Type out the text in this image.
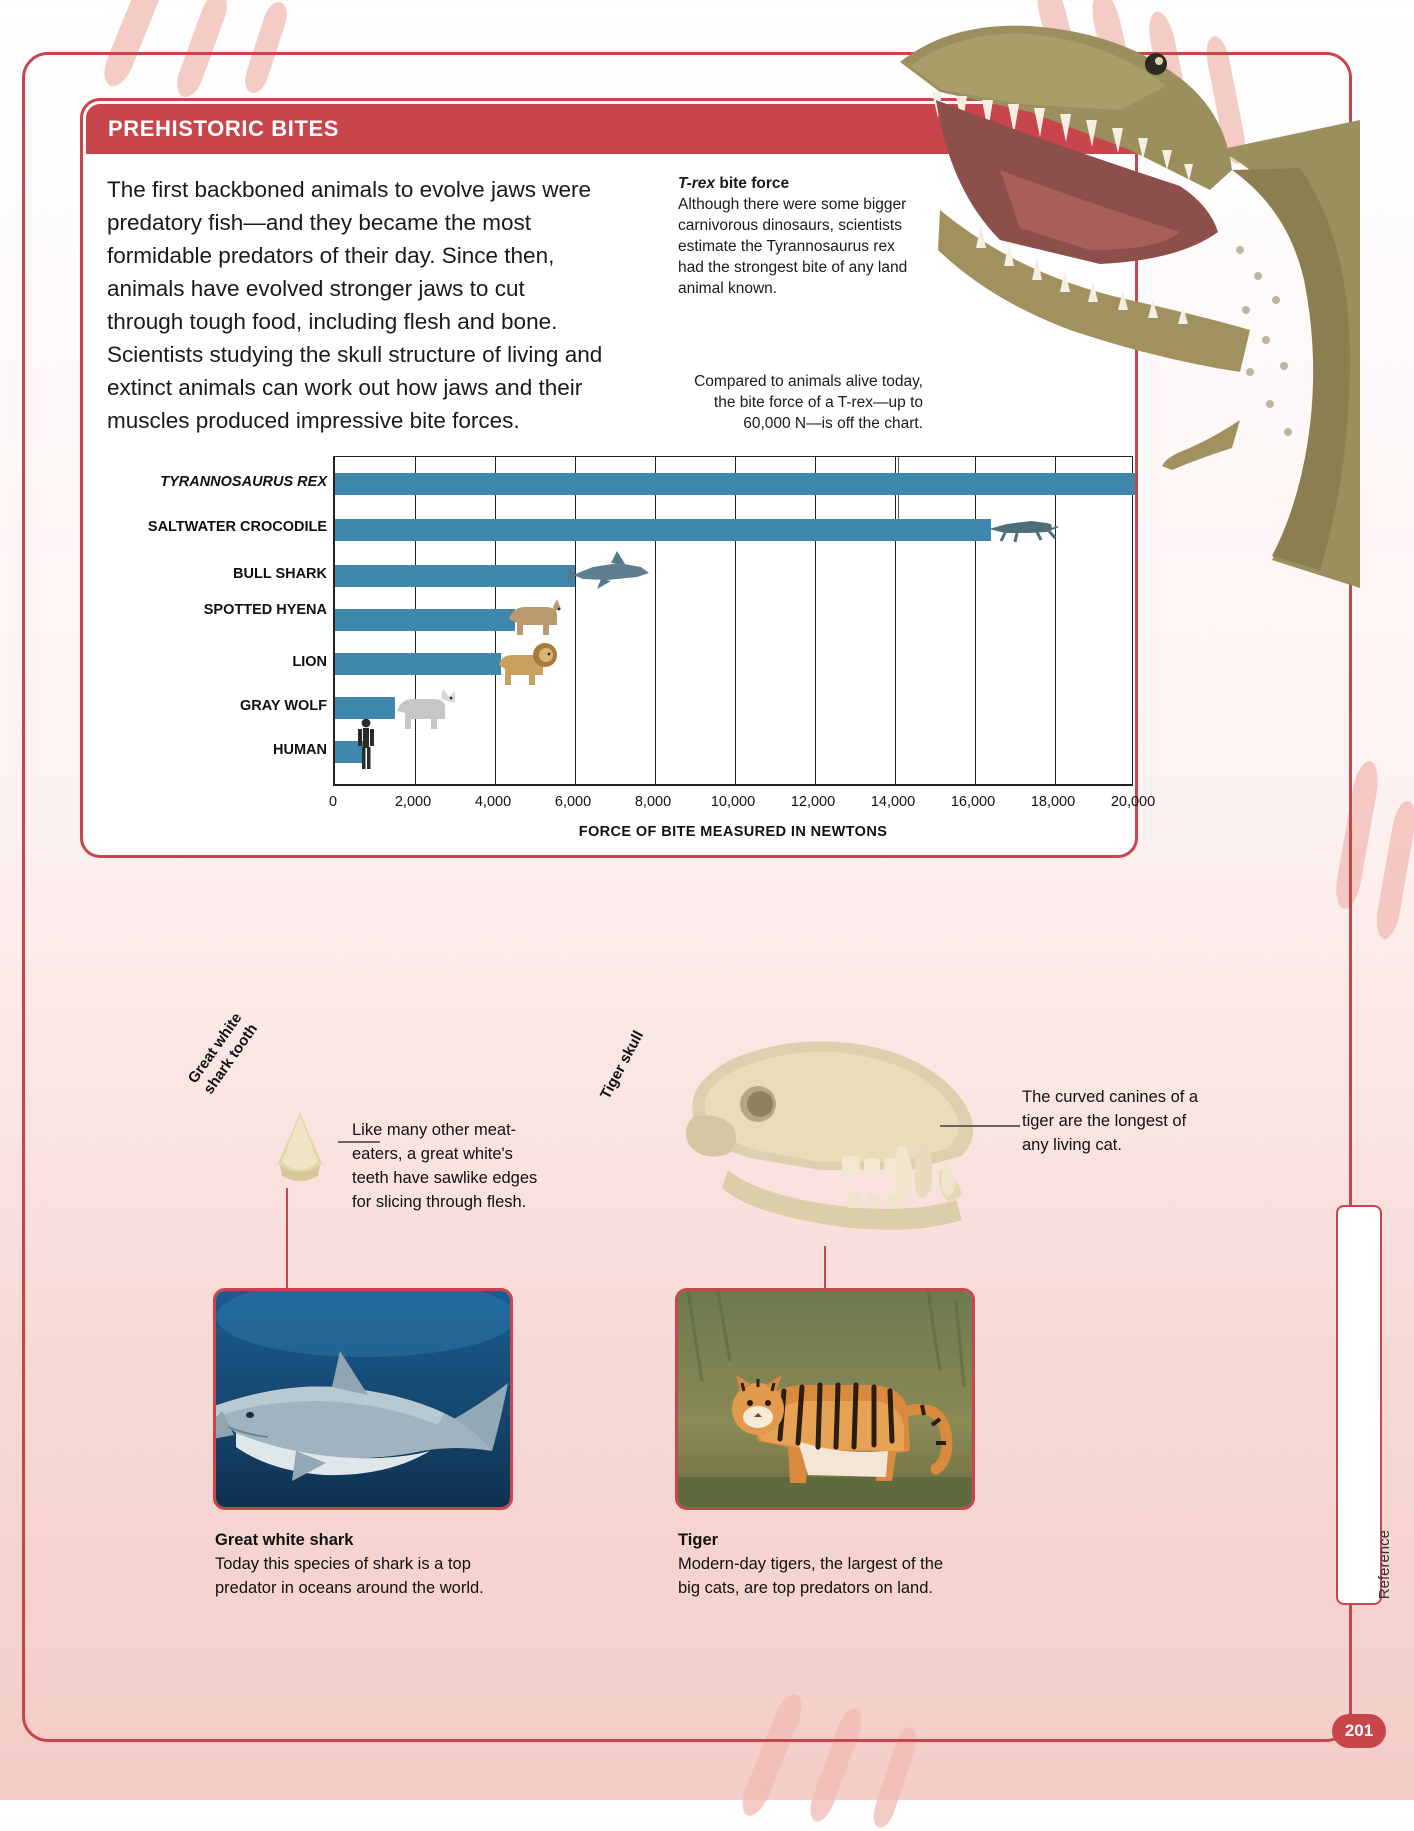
PREHISTORIC BITES
The first backboned animals to evolve jaws were predatory fish—and they became the most formidable predators of their day. Since then, animals have evolved stronger jaws to cut through tough food, including flesh and bone. Scientists studying the skull structure of living and extinct animals can work out how jaws and their muscles produced impressive bite forces.
T-rex bite force
Although there were some bigger carnivorous dinosaurs, scientists estimate the Tyrannosaurus rex had the strongest bite of any land animal known.
Compared to animals alive today, the bite force of a T-rex—up to 60,000 N—is off the chart.
TYRANNOSAURUS REX
SALTWATER CROCODILE
BULL SHARK
SPOTTED HYENA
LION
GRAY WOLF
HUMAN
0	2,000	4,000	6,000	8,000	10,000 12,000 14,000 16,000 18,000 20,000
FORCE OF BITE MEASURED IN NEWTONS
Great white shark tooth
Like many other meat-eaters, a great white's teeth have sawlike edges for slicing through flesh.
Tiger skull	The curved canines of a tiger are the longest of any living cat.
Great white shark
Today this species of shark is a top predator in oceans around the world.
Tiger
Modern-day tigers, the largest of the big cats, are top predators on land.	Reference
201
